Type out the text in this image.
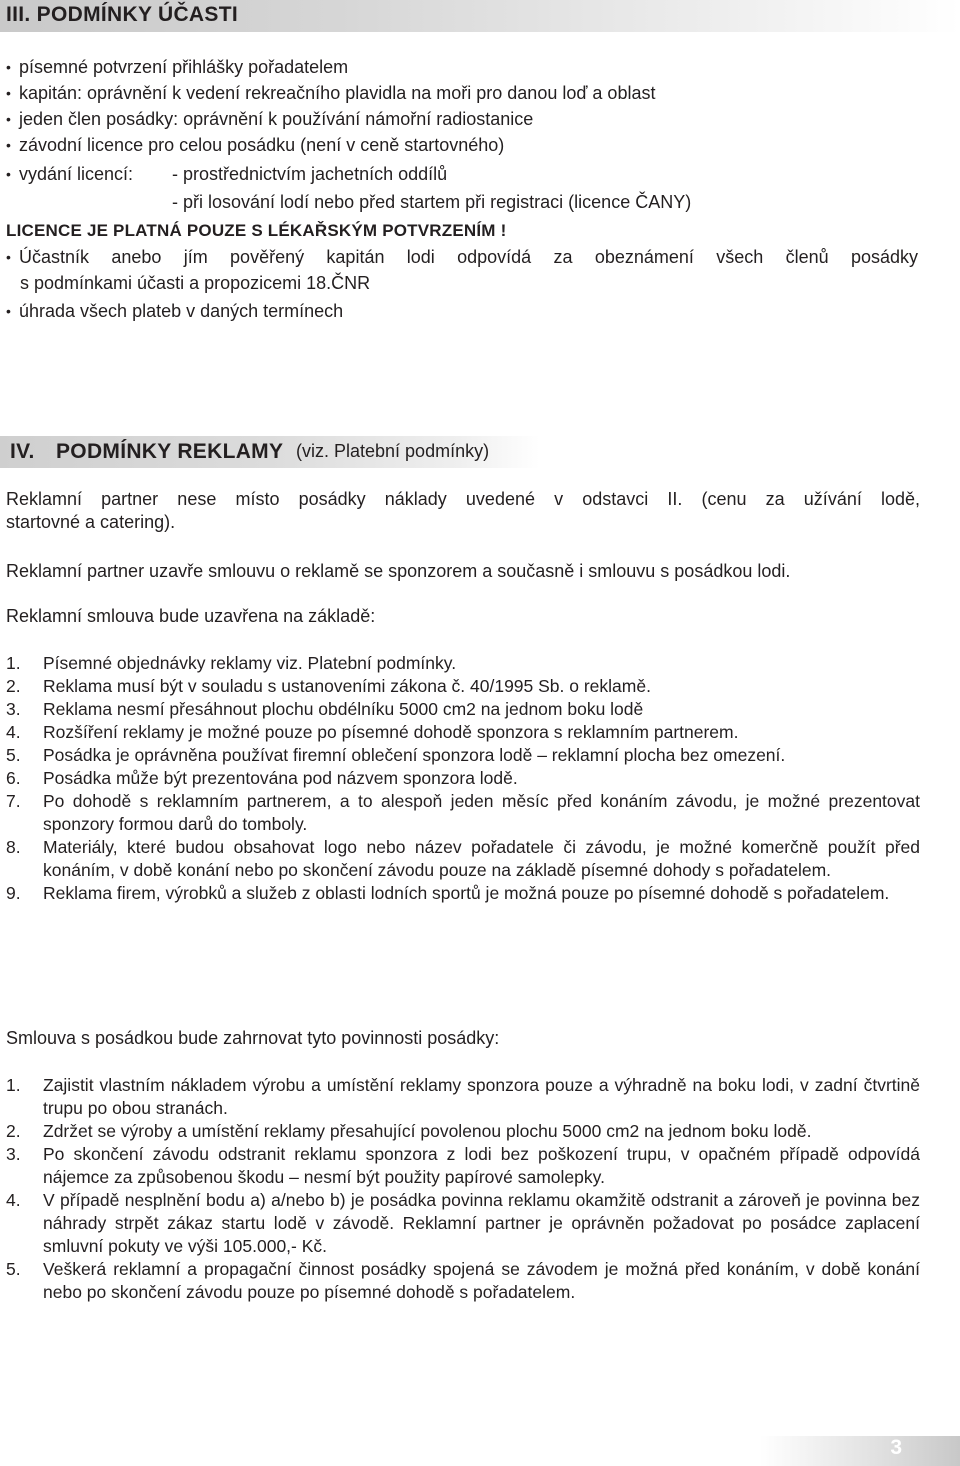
III. PODMÍNKY ÚČASTI
• písemné potvrzení přihlášky pořadatelem
• kapitán: oprávnění k vedení rekreačního plavidla na moři pro danou loď a oblast
• jeden člen posádky: oprávnění k používání námořní radiostanice
• závodní licence pro celou posádku (není v ceně startovného)
• vydání licencí: - prostřednictvím jachetních oddílů
- při losování lodí nebo před startem při registraci (licence ČANY)
LICENCE JE PLATNÁ POUZE S LÉKAŘSKÝM POTVRZENÍM !
• Účastník anebo jím pověřený kapitán lodi odpovídá za obeznámení všech členů posádky
s podmínkami účasti a propozicemi 18.ČNR
• úhrada všech plateb v daných termínech
IV. PODMÍNKY REKLAMY (viz. Platební podmínky)
Reklamní partner nese místo posádky náklady uvedené v odstavci II. (cenu za užívání lodě,
startovné a catering).
Reklamní partner uzavře smlouvu o reklamě se sponzorem a současně i smlouvu s posádkou lodi.
Reklamní smlouva bude uzavřena na základě:
1. Písemné objednávky reklamy viz. Platební podmínky.
2. Reklama musí být v souladu s ustanoveními zákona č. 40/1995 Sb. o reklamě.
3. Reklama nesmí přesáhnout plochu obdélníku 5000 cm2 na jednom boku lodě
4. Rozšíření reklamy je možné pouze po písemné dohodě sponzora s reklamním partnerem.
5. Posádka je oprávněna používat firemní oblečení sponzora lodě – reklamní plocha bez omezení.
6. Posádka může být prezentována pod názvem sponzora lodě.
7. Po dohodě s reklamním partnerem, a to alespoň jeden měsíc před konáním závodu, je možné prezentovat sponzory formou darů do tomboly.
8. Materiály, které budou obsahovat logo nebo název pořadatele či závodu, je možné komerčně použít před konáním, v době konání nebo po skončení závodu pouze na základě písemné dohody s pořadatelem.
9. Reklama firem, výrobků a služeb z oblasti lodních sportů je možná pouze po písemné dohodě s pořadatelem.
Smlouva s posádkou bude zahrnovat tyto povinnosti posádky:
1. Zajistit vlastním nákladem výrobu a umístění reklamy sponzora pouze a výhradně na boku lodi, v zadní čtvrtině trupu po obou stranách.
2. Zdržet se výroby a umístění reklamy přesahující povolenou plochu 5000 cm2 na jednom boku lodě.
3. Po skončení závodu odstranit reklamu sponzora z lodi bez poškození trupu, v opačném případě odpovídá nájemce za způsobenou škodu – nesmí být použity papírové samolepky.
4. V případě nesplnění bodu a) a/nebo b) je posádka povinna reklamu okamžitě odstranit a zároveň je povinna bez náhrady strpět zákaz startu lodě v závodě. Reklamní partner je oprávněn požadovat po posádce zaplacení smluvní pokuty ve výši 105.000,- Kč.
5. Veškerá reklamní a propagační činnost posádky spojená se závodem je možná před konáním, v době konání nebo po skončení závodu pouze po písemné dohodě s pořadatelem.
3
